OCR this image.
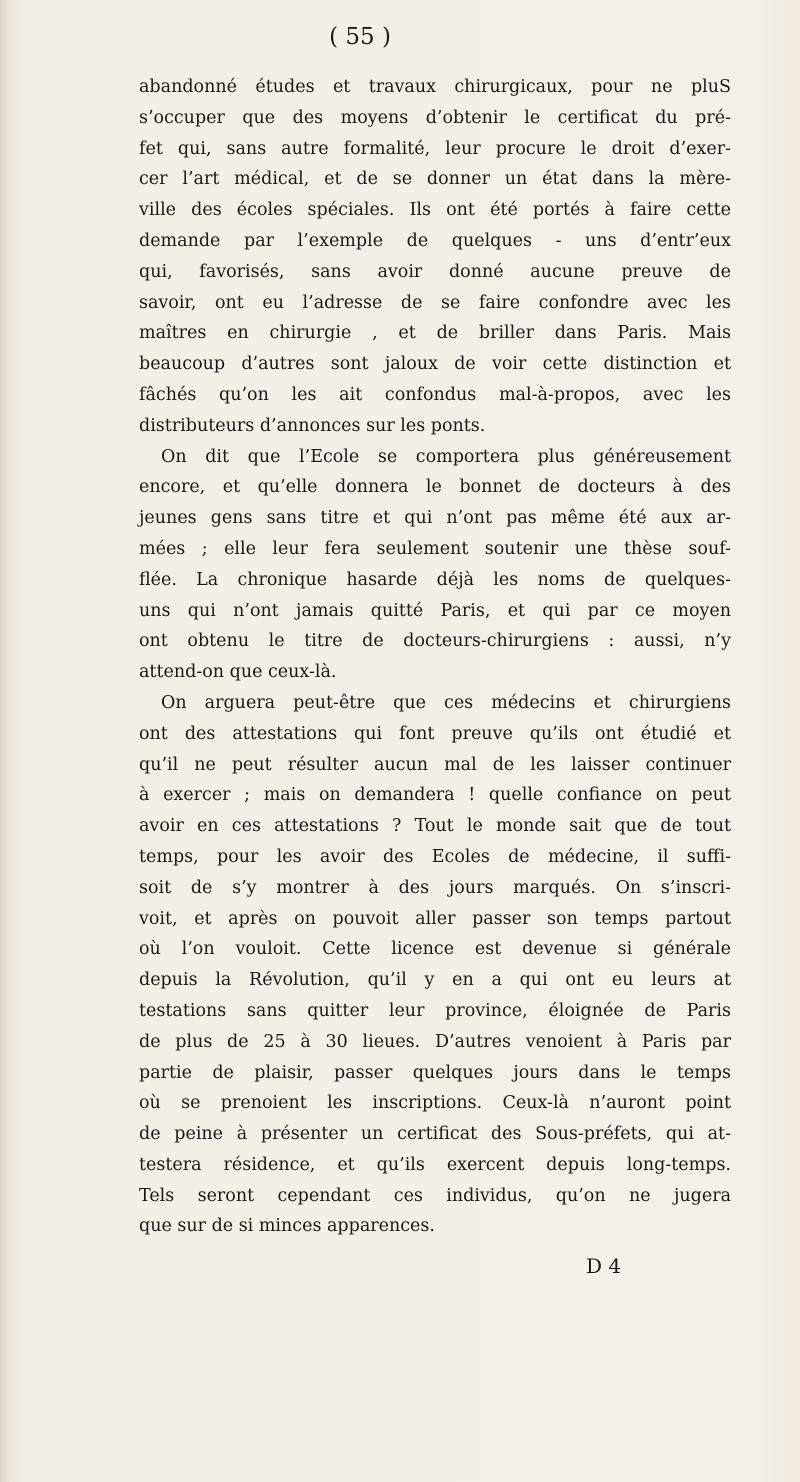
( 55 )
abandonné études et travaux chirurgicaux, pour ne pluS
s’occuper que des moyens d’obtenir le certificat du pré-
fet qui, sans autre formalité, leur procure le droit d’exer-
cer l’art médical, et de se donner un état dans la mère-
ville des écoles spéciales. Ils ont été portés à faire cette
demande par l’exemple de quelques - uns d’entr’eux
qui, favorisés, sans avoir donné aucune preuve de
savoir, ont eu l’adresse de se faire confondre avec les
maîtres en chirurgie , et de briller dans Paris. Mais
beaucoup d’autres sont jaloux de voir cette distinction et
fâchés qu’on les ait confondus mal-à-propos, avec les
distributeurs d’annonces sur les ponts.
On dit que l’Ecole se comportera plus généreusement
encore, et qu’elle donnera le bonnet de docteurs à des
jeunes gens sans titre et qui n’ont pas même été aux ar-
mées ; elle leur fera seulement soutenir une thèse souf-
flée. La chronique hasarde déjà les noms de quelques-
uns qui n’ont jamais quitté Paris, et qui par ce moyen
ont obtenu le titre de docteurs-chirurgiens : aussi, n’y
attend-on que ceux-là.
On arguera peut-être que ces médecins et chirurgiens
ont des attestations qui font preuve qu’ils ont étudié et
qu’il ne peut résulter aucun mal de les laisser continuer
à exercer ; mais on demandera ! quelle confiance on peut
avoir en ces attestations ? Tout le monde sait que de tout
temps, pour les avoir des Ecoles de médecine, il suffi-
soit de s’y montrer à des jours marqués. On s’inscri-
voit, et après on pouvoit aller passer son temps partout
où l’on vouloit. Cette licence est devenue si générale
depuis la Révolution, qu’il y en a qui ont eu leurs at
testations sans quitter leur province, éloignée de Paris
de plus de 25 à 30 lieues. D’autres venoient à Paris par
partie de plaisir, passer quelques jours dans le temps
où se prenoient les inscriptions. Ceux-là n’auront point
de peine à présenter un certificat des Sous-préfets, qui at-
testera résidence, et qu’ils exercent depuis long-temps.
Tels seront cependant ces individus, qu’on ne jugera
que sur de si minces apparences.
D 4
